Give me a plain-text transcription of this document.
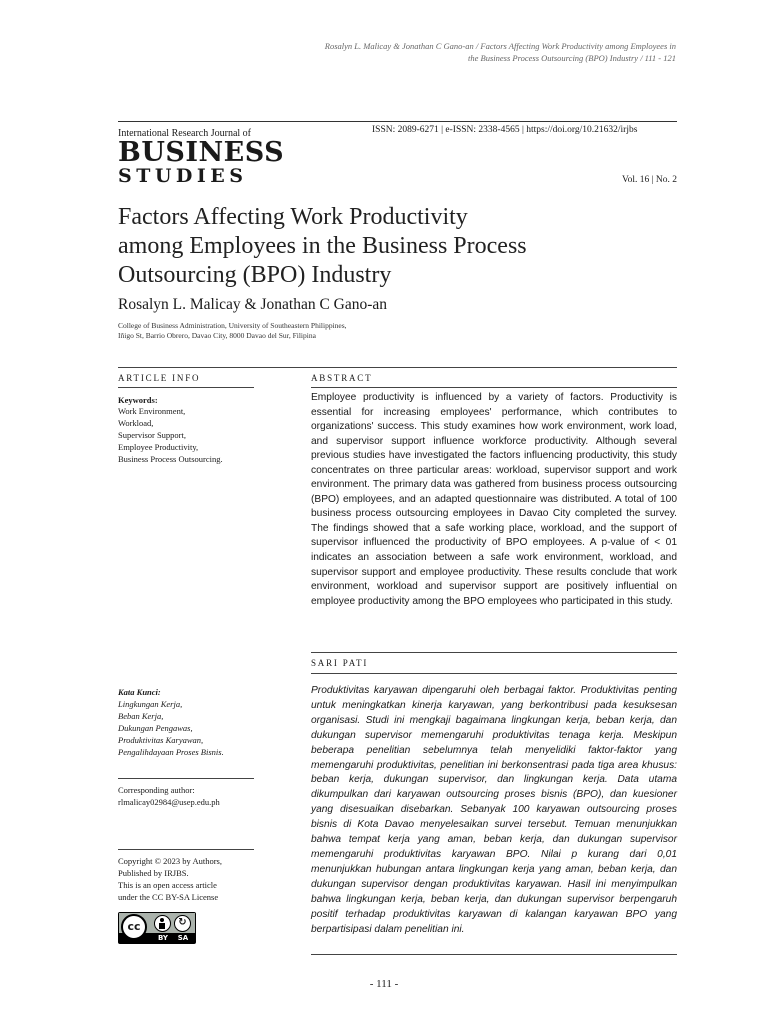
Rosalyn L. Malicay & Jonathan C Gano-an / Factors Affecting Work Productivity among Employees in
the Business Process Outsourcing (BPO) Industry / 111 - 121
International Research Journal of	ISSN: 2089-6271 | e-ISSN: 2338-4565 | https://doi.org/10.21632/irjbs
BUSINESS
STUDIES	Vol. 16 | No. 2
Factors Affecting Work Productivity
among Employees in the Business Process
Outsourcing (BPO) Industry
Rosalyn L. Malicay & Jonathan C Gano-an
College of Business Administration, University of Southeastern Philippines,
Iñigo St, Barrio Obrero, Davao City, 8000 Davao del Sur, Filipina
ARTICLE INFO	ABSTRACT
Keywords:
Work Environment,
Workload,
Supervisor Support,
Employee Productivity,
Business Process Outsourcing.
Employee productivity is influenced by a variety of factors. Productivity is essential for increasing employees' performance, which contributes to organizations' success. This study examines how work environment, work load, and supervisor support influence workforce productivity. Although several previous studies have investigated the factors influencing productivity, this study concentrates on three particular areas: workload, supervisor support and work environment. The primary data was gathered from business process outsourcing (BPO) employees, and an adapted questionnaire was distributed. A total of 100 business process outsourcing employees in Davao City completed the survey. The findings showed that a safe working place, workload, and the support of supervisor influenced the productivity of BPO employees. A p-value of < 01 indicates an association between a safe work environment, workload, and supervisor support and employee productivity. These results conclude that work environment, workload and supervisor support are positively influential on employee productivity among the BPO employees who participated in this study.
SARI PATI
Kata Kunci:
Lingkungan Kerja,
Beban Kerja,
Dukungan Pengawas,
Produktivitas Karyawan,
Pengalihdayaan Proses Bisnis.
Produktivitas karyawan dipengaruhi oleh berbagai faktor. Produktivitas penting untuk meningkatkan kinerja karyawan, yang berkontribusi pada kesuksesan organisasi. Studi ini mengkaji bagaimana lingkungan kerja, beban kerja, dan dukungan supervisor memengaruhi produktivitas tenaga kerja. Meskipun beberapa penelitian sebelumnya telah menyelidiki faktor-faktor yang memengaruhi produktivitas, penelitian ini berkonsentrasi pada tiga area khusus: beban kerja, dukungan supervisor, dan lingkungan kerja. Data utama dikumpulkan dari karyawan outsourcing proses bisnis (BPO), dan kuesioner yang disesuaikan disebarkan. Sebanyak 100 karyawan outsourcing proses bisnis di Kota Davao menyelesaikan survei tersebut. Temuan menunjukkan bahwa tempat kerja yang aman, beban kerja, dan dukungan supervisor memengaruhi produktivitas karyawan BPO. Nilai p kurang dari 0,01 menunjukkan hubungan antara lingkungan kerja yang aman, beban kerja, dan dukungan supervisor dengan produktivitas karyawan. Hasil ini menyimpulkan bahwa lingkungan kerja, beban kerja, dan dukungan supervisor berpengaruh positif terhadap produktivitas karyawan di kalangan karyawan BPO yang berpartisipasi dalam penelitian ini.
Corresponding author:
rlmalicay02984@usep.edu.ph
Copyright © 2023 by Authors,
Published by IRJBS.
This is an open access article
under the CC BY-SA License
cc	↻
BY	SA
- 111 -
